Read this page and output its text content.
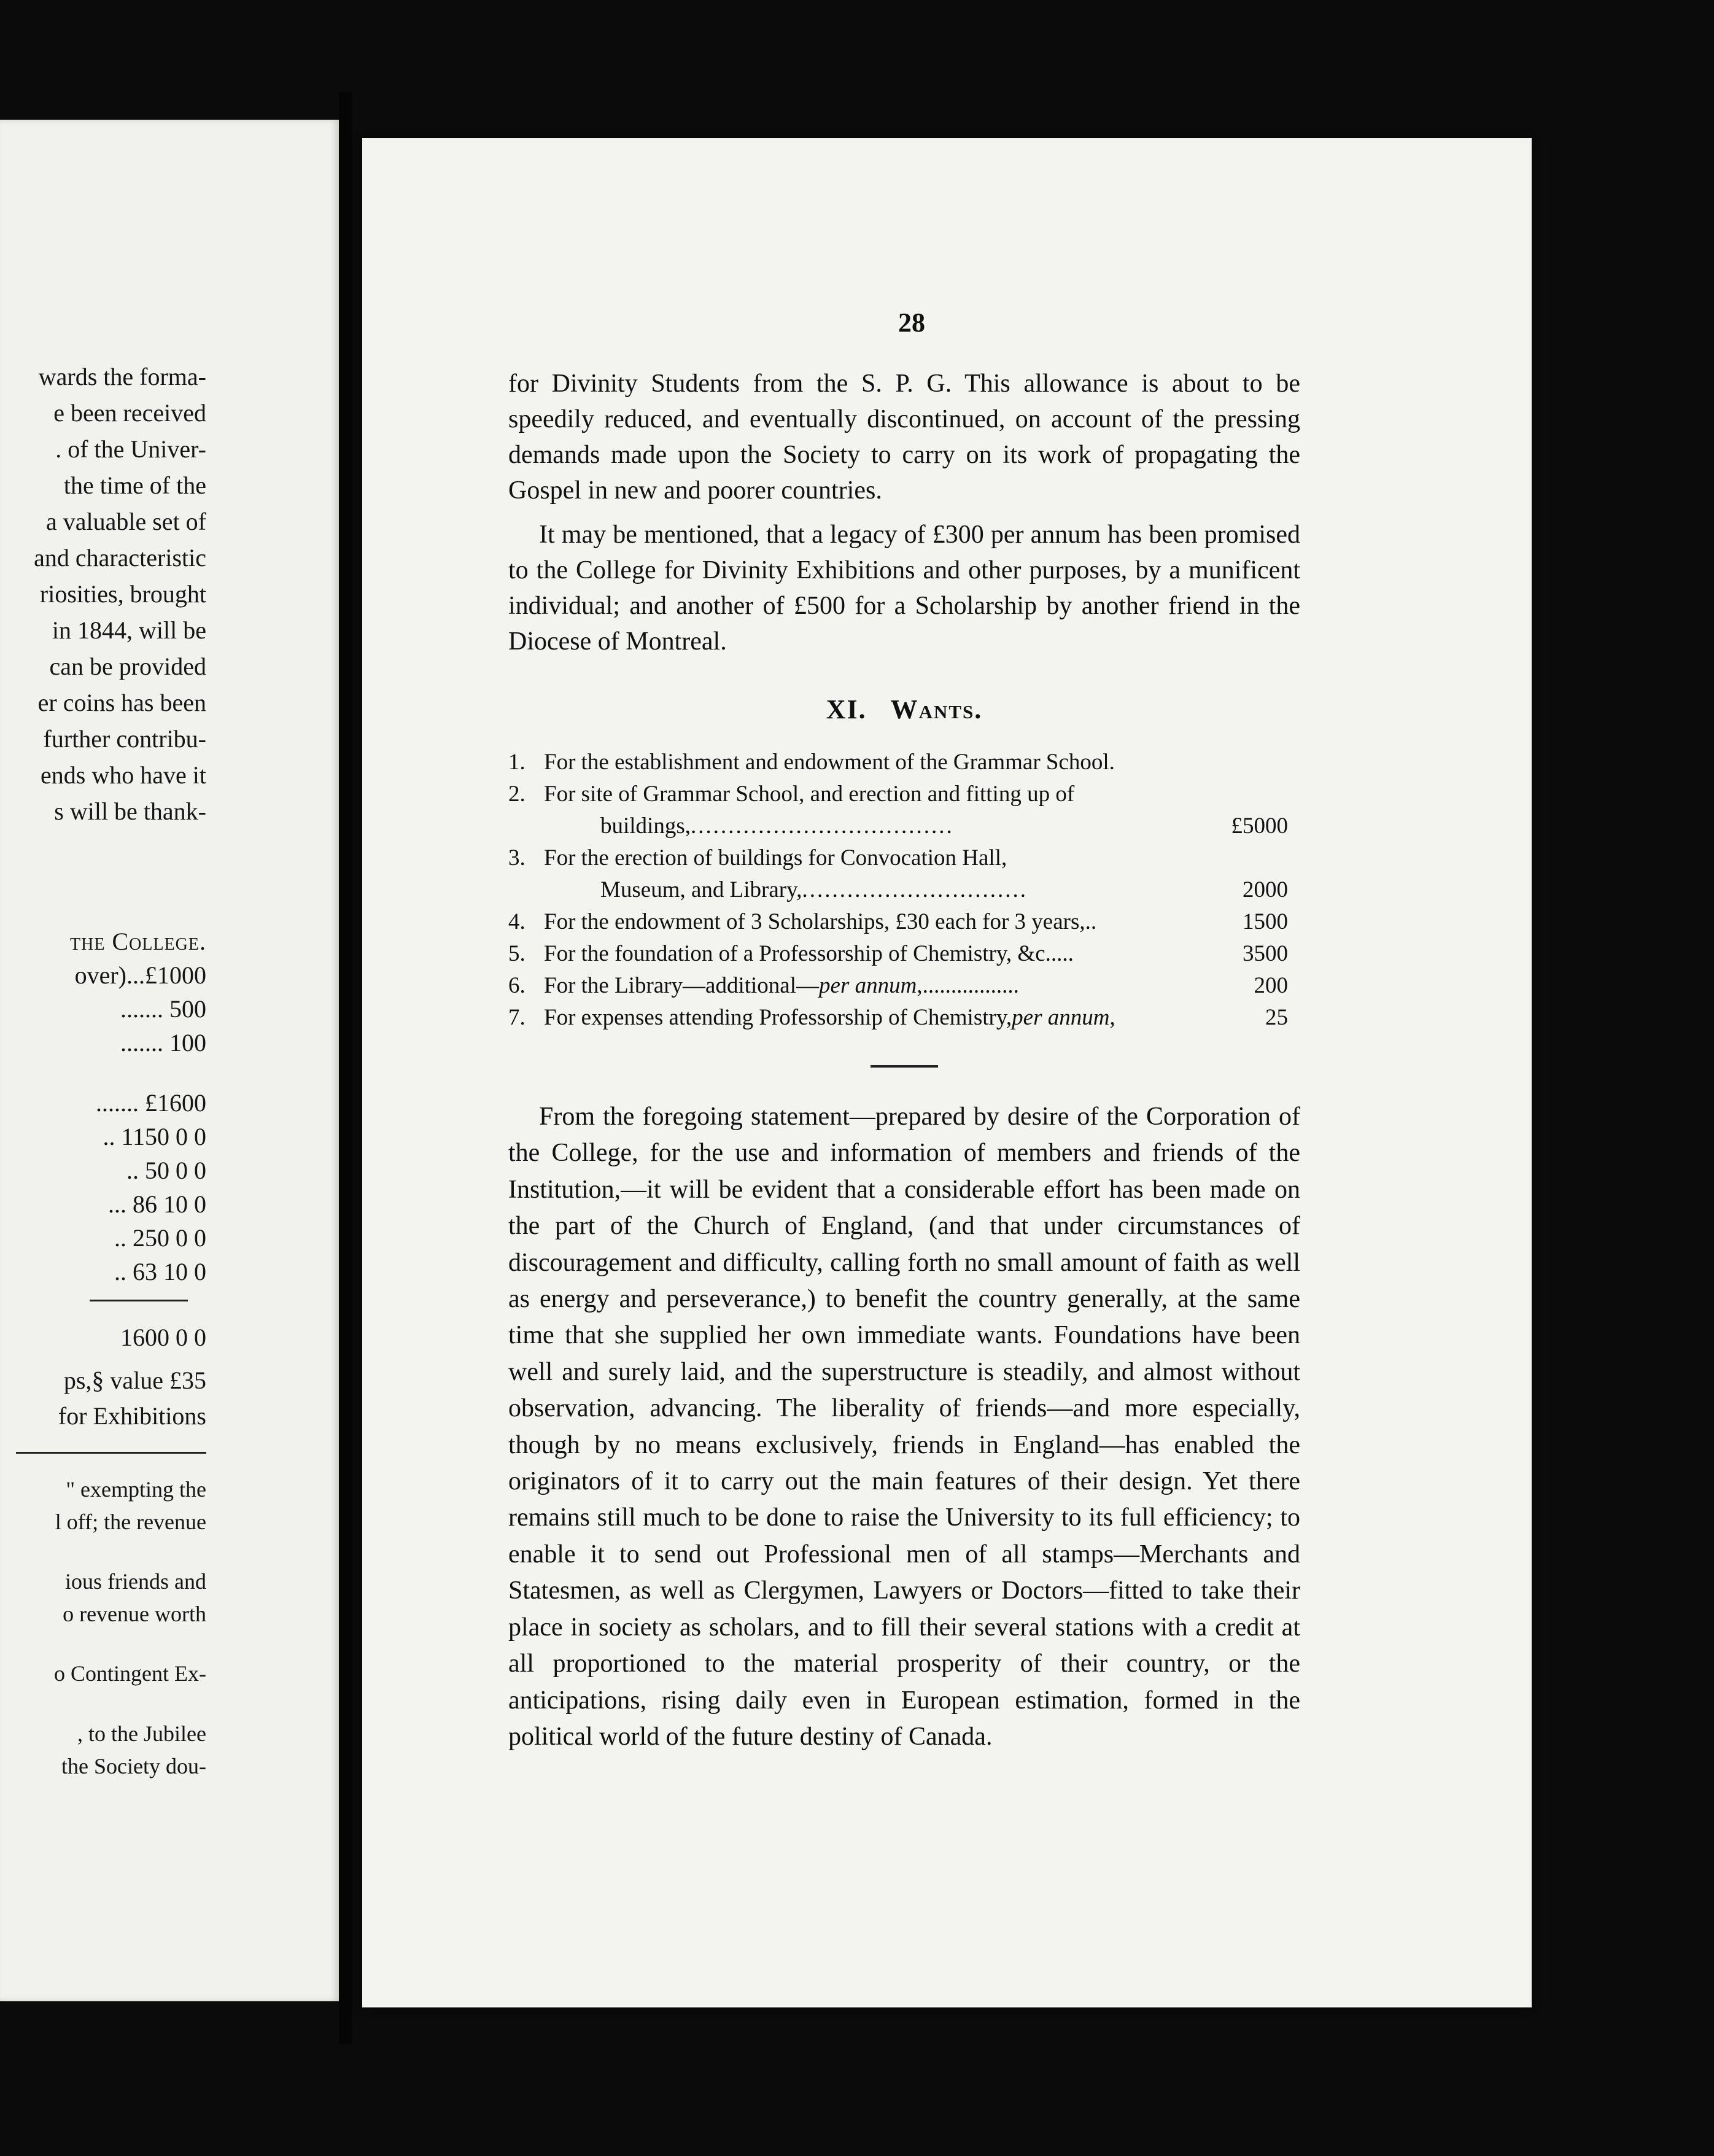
wards the forma-
e been received
. of the Univer-
the time of the
a valuable set of
and characteristic
riosities, brought
in 1844, will be
can be provided
er coins has been
further contribu-
ends who have it
s will be thank-
the College.
over)...£1000
....... 500
....... 100
....... £1600
.. 1150 0 0
.. 50 0 0
... 86 10 0
.. 250 0 0
.. 63 10 0
1600 0 0
ps,§ value £35
for Exhibitions
" exempting the
l off; the revenue
ious friends and
o revenue worth
o Contingent Ex-
, to the Jubilee
the Society dou-
28

for Divinity Students from the S. P. G. This allowance is about to be speedily reduced, and eventually discontinued, on account of the pressing demands made upon the Society to carry on its work of propagating the Gospel in new and poorer countries.

It may be mentioned, that a legacy of £300 per annum has been promised to the College for Divinity Exhibitions and other purposes, by a munificent individual; and another of £500 for a Scholarship by another friend in the Diocese of Montreal.

XI. Wants.
1. For the establishment and endowment of the Grammar School.
2. For site of Grammar School, and erection and fitting up of
buildings,...................................	£5000
3. For the erection of buildings for Convocation Hall,
Museum, and Library,..............................	2000
4. For the endowment of 3 Scholarships, £30 each for 3 years,..	1500
5. For the foundation of a Professorship of Chemistry, &c.....	3500
6. For the Library—additional—per annum,.................	200
7. For expenses attending Professorship of Chemistry,per annum,	25

From the foregoing statement—prepared by desire of the Corporation of the College, for the use and information of members and friends of the Institution,—it will be evident that a considerable effort has been made on the part of the Church of England, (and that under circumstances of discouragement and difficulty, calling forth no small amount of faith as well as energy and perseverance,) to benefit the country generally, at the same time that she supplied her own immediate wants. Foundations have been well and surely laid, and the superstructure is steadily, and almost without observation, advancing. The liberality of friends—and more especially, though by no means exclusively, friends in England—has enabled the originators of it to carry out the main features of their design. Yet there remains still much to be done to raise the University to its full efficiency; to enable it to send out Professional men of all stamps—Merchants and Statesmen, as well as Clergymen, Lawyers or Doctors—fitted to take their place in society as scholars, and to fill their several stations with a credit at all proportioned to the material prosperity of their country, or the anticipations, rising daily even in European estimation, formed in the political world of the future destiny of Canada.
